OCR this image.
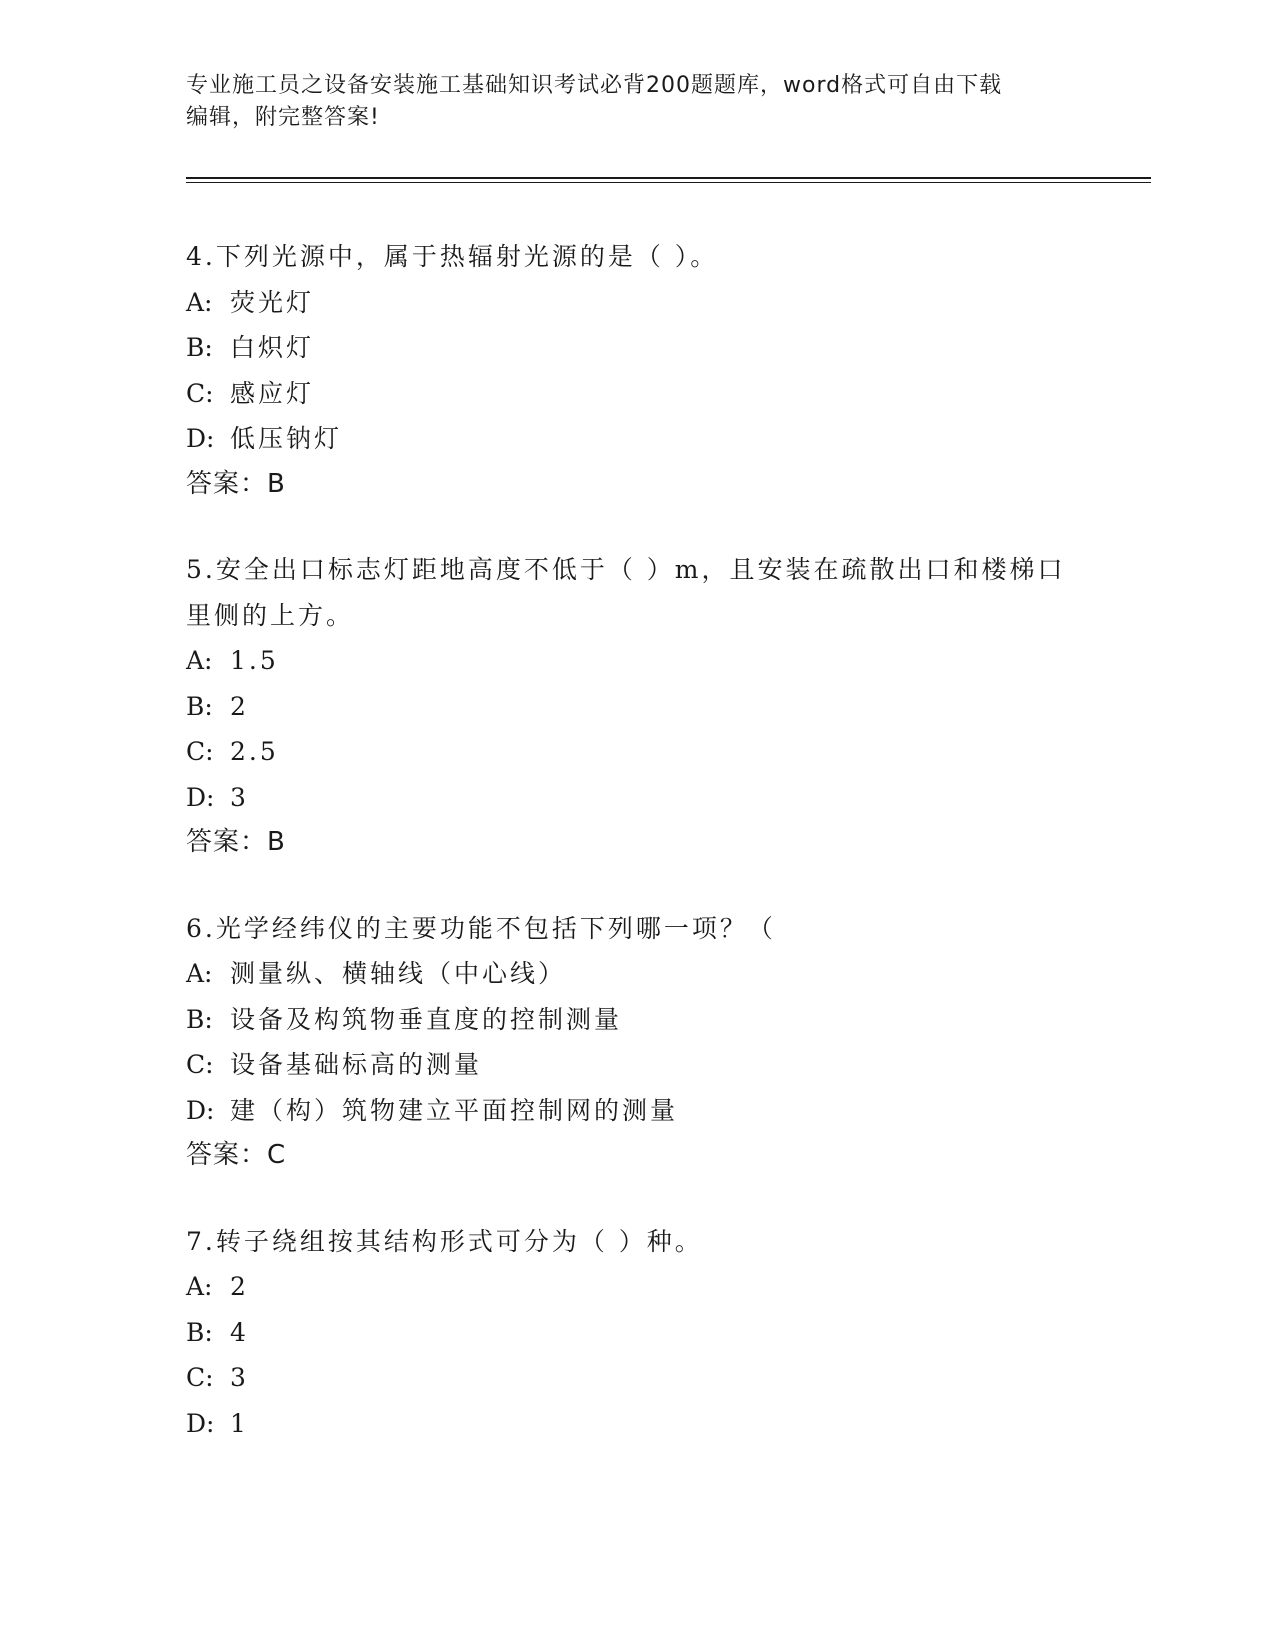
专业施工员之设备安装施工基础知识考试必背200题题库，word格式可自由下载
编辑，附完整答案!
4.下列光源中，属于热辐射光源的是（ ）。
A: 荧光灯
B: 白炽灯
C: 感应灯
D: 低压钠灯
答案：B
5.安全出口标志灯距地高度不低于（ ）m，且安装在疏散出口和楼梯口里侧的上方。
A: 1.5
B: 2
C: 2.5
D: 3
答案：B
6.光学经纬仪的主要功能不包括下列哪一项？（
A: 测量纵、横轴线（中心线）
B: 设备及构筑物垂直度的控制测量
C: 设备基础标高的测量
D: 建（构）筑物建立平面控制网的测量
答案：C
7.转子绕组按其结构形式可分为（ ）种。
A: 2
B: 4
C: 3
D: 1
